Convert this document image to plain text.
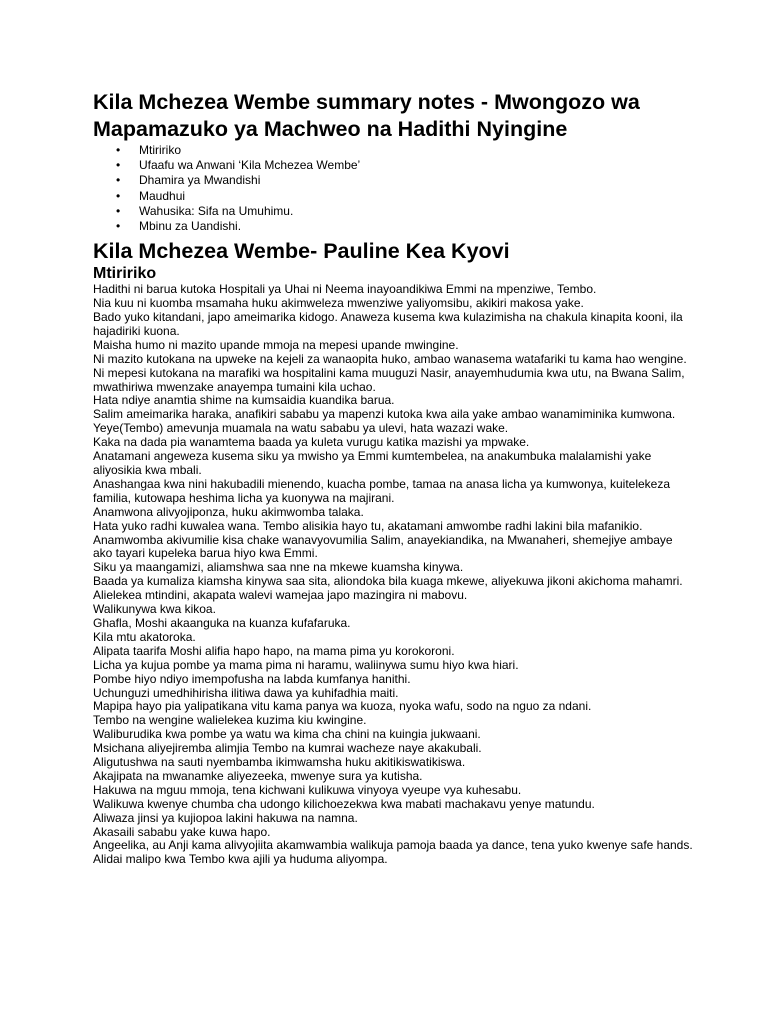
Kila Mchezea Wembe summary notes - Mwongozo wa Mapamazuko ya Machweo na Hadithi Nyingine
• Mtiririko
• Ufaafu wa Anwani ‘Kila Mchezea Wembe’
• Dhamira ya Mwandishi
• Maudhui
• Wahusika: Sifa na Umuhimu.
• Mbinu za Uandishi.
Kila Mchezea Wembe- Pauline Kea Kyovi
Mtiririko

Hadithi ni barua kutoka Hospitali ya Uhai ni Neema inayoandikiwa Emmi na mpenziwe, Tembo.

Nia kuu ni kuomba msamaha huku akimweleza mwenziwe yaliyomsibu, akikiri makosa yake.

Bado yuko kitandani, japo ameimarika kidogo. Anaweza kusema kwa kulazimisha na chakula kinapita kooni, ila hajadiriki kuona.

Maisha humo ni mazito upande mmoja na mepesi upande mwingine.

Ni mazito kutokana na upweke na kejeli za wanaopita huko, ambao wanasema watafariki tu kama hao wengine.

Ni mepesi kutokana na marafiki wa hospitalini kama muuguzi Nasir, anayemhudumia kwa utu, na Bwana Salim, mwathiriwa mwenzake anayempa tumaini kila uchao.

Hata ndiye anamtia shime na kumsaidia kuandika barua.

Salim ameimarika haraka, anafikiri sababu ya mapenzi kutoka kwa aila yake ambao wanamiminika kumwona.

Yeye(Tembo) amevunja muamala na watu sababu ya ulevi, hata wazazi wake.

Kaka na dada pia wanamtema baada ya kuleta vurugu katika mazishi ya mpwake.

Anatamani angeweza kusema siku ya mwisho ya Emmi kumtembelea, na anakumbuka malalamishi yake aliyosikia kwa mbali.

Anashangaa kwa nini hakubadili mienendo, kuacha pombe, tamaa na anasa licha ya kumwonya, kuitelekeza familia, kutowapa heshima licha ya kuonywa na majirani.

Anamwona alivyojiponza, huku akimwomba talaka.

Hata yuko radhi kuwalea wana. Tembo alisikia hayo tu, akatamani amwombe radhi lakini bila mafanikio.

Anamwomba akivumilie kisa chake wanavyovumilia Salim, anayekiandika, na Mwanaheri, shemejiye ambaye ako tayari kupeleka barua hiyo kwa Emmi.

Siku ya maangamizi, aliamshwa saa nne na mkewe kuamsha kinywa.

Baada ya kumaliza kiamsha kinywa saa sita, aliondoka bila kuaga mkewe, aliyekuwa jikoni akichoma mahamri.

Alielekea mtindini, akapata walevi wamejaa japo mazingira ni mabovu.

Walikunywa kwa kikoa.

Ghafla, Moshi akaanguka na kuanza kufafaruka.

Kila mtu akatoroka.

Alipata taarifa Moshi alifia hapo hapo, na mama pima yu korokoroni.

Licha ya kujua pombe ya mama pima ni haramu, waliinywa sumu hiyo kwa hiari.

Pombe hiyo ndiyo imempofusha na labda kumfanya hanithi.

Uchunguzi umedhihirisha ilitiwa dawa ya kuhifadhia maiti.

Mapipa hayo pia yalipatikana vitu kama panya wa kuoza, nyoka wafu, sodo na nguo za ndani.

Tembo na wengine walielekea kuzima kiu kwingine.

Waliburudika kwa pombe ya watu wa kima cha chini na kuingia jukwaani.

Msichana aliyejiremba alimjia Tembo na kumrai wacheze naye akakubali.

Aligutushwa na sauti nyembamba ikimwamsha huku akitikiswatikiswa.

Akajipata na mwanamke aliyezeeka, mwenye sura ya kutisha.

Hakuwa na mguu mmoja, tena kichwani kulikuwa vinyoya vyeupe vya kuhesabu.

Walikuwa kwenye chumba cha udongo kilichoezekwa kwa mabati machakavu yenye matundu.

Aliwaza jinsi ya kujiopoa lakini hakuwa na namna.

Akasaili sababu yake kuwa hapo.

Angeelika, au Anji kama alivyojiita akamwambia walikuja pamoja baada ya dance, tena yuko kwenye safe hands.

Alidai malipo kwa Tembo kwa ajili ya huduma aliyompa.
